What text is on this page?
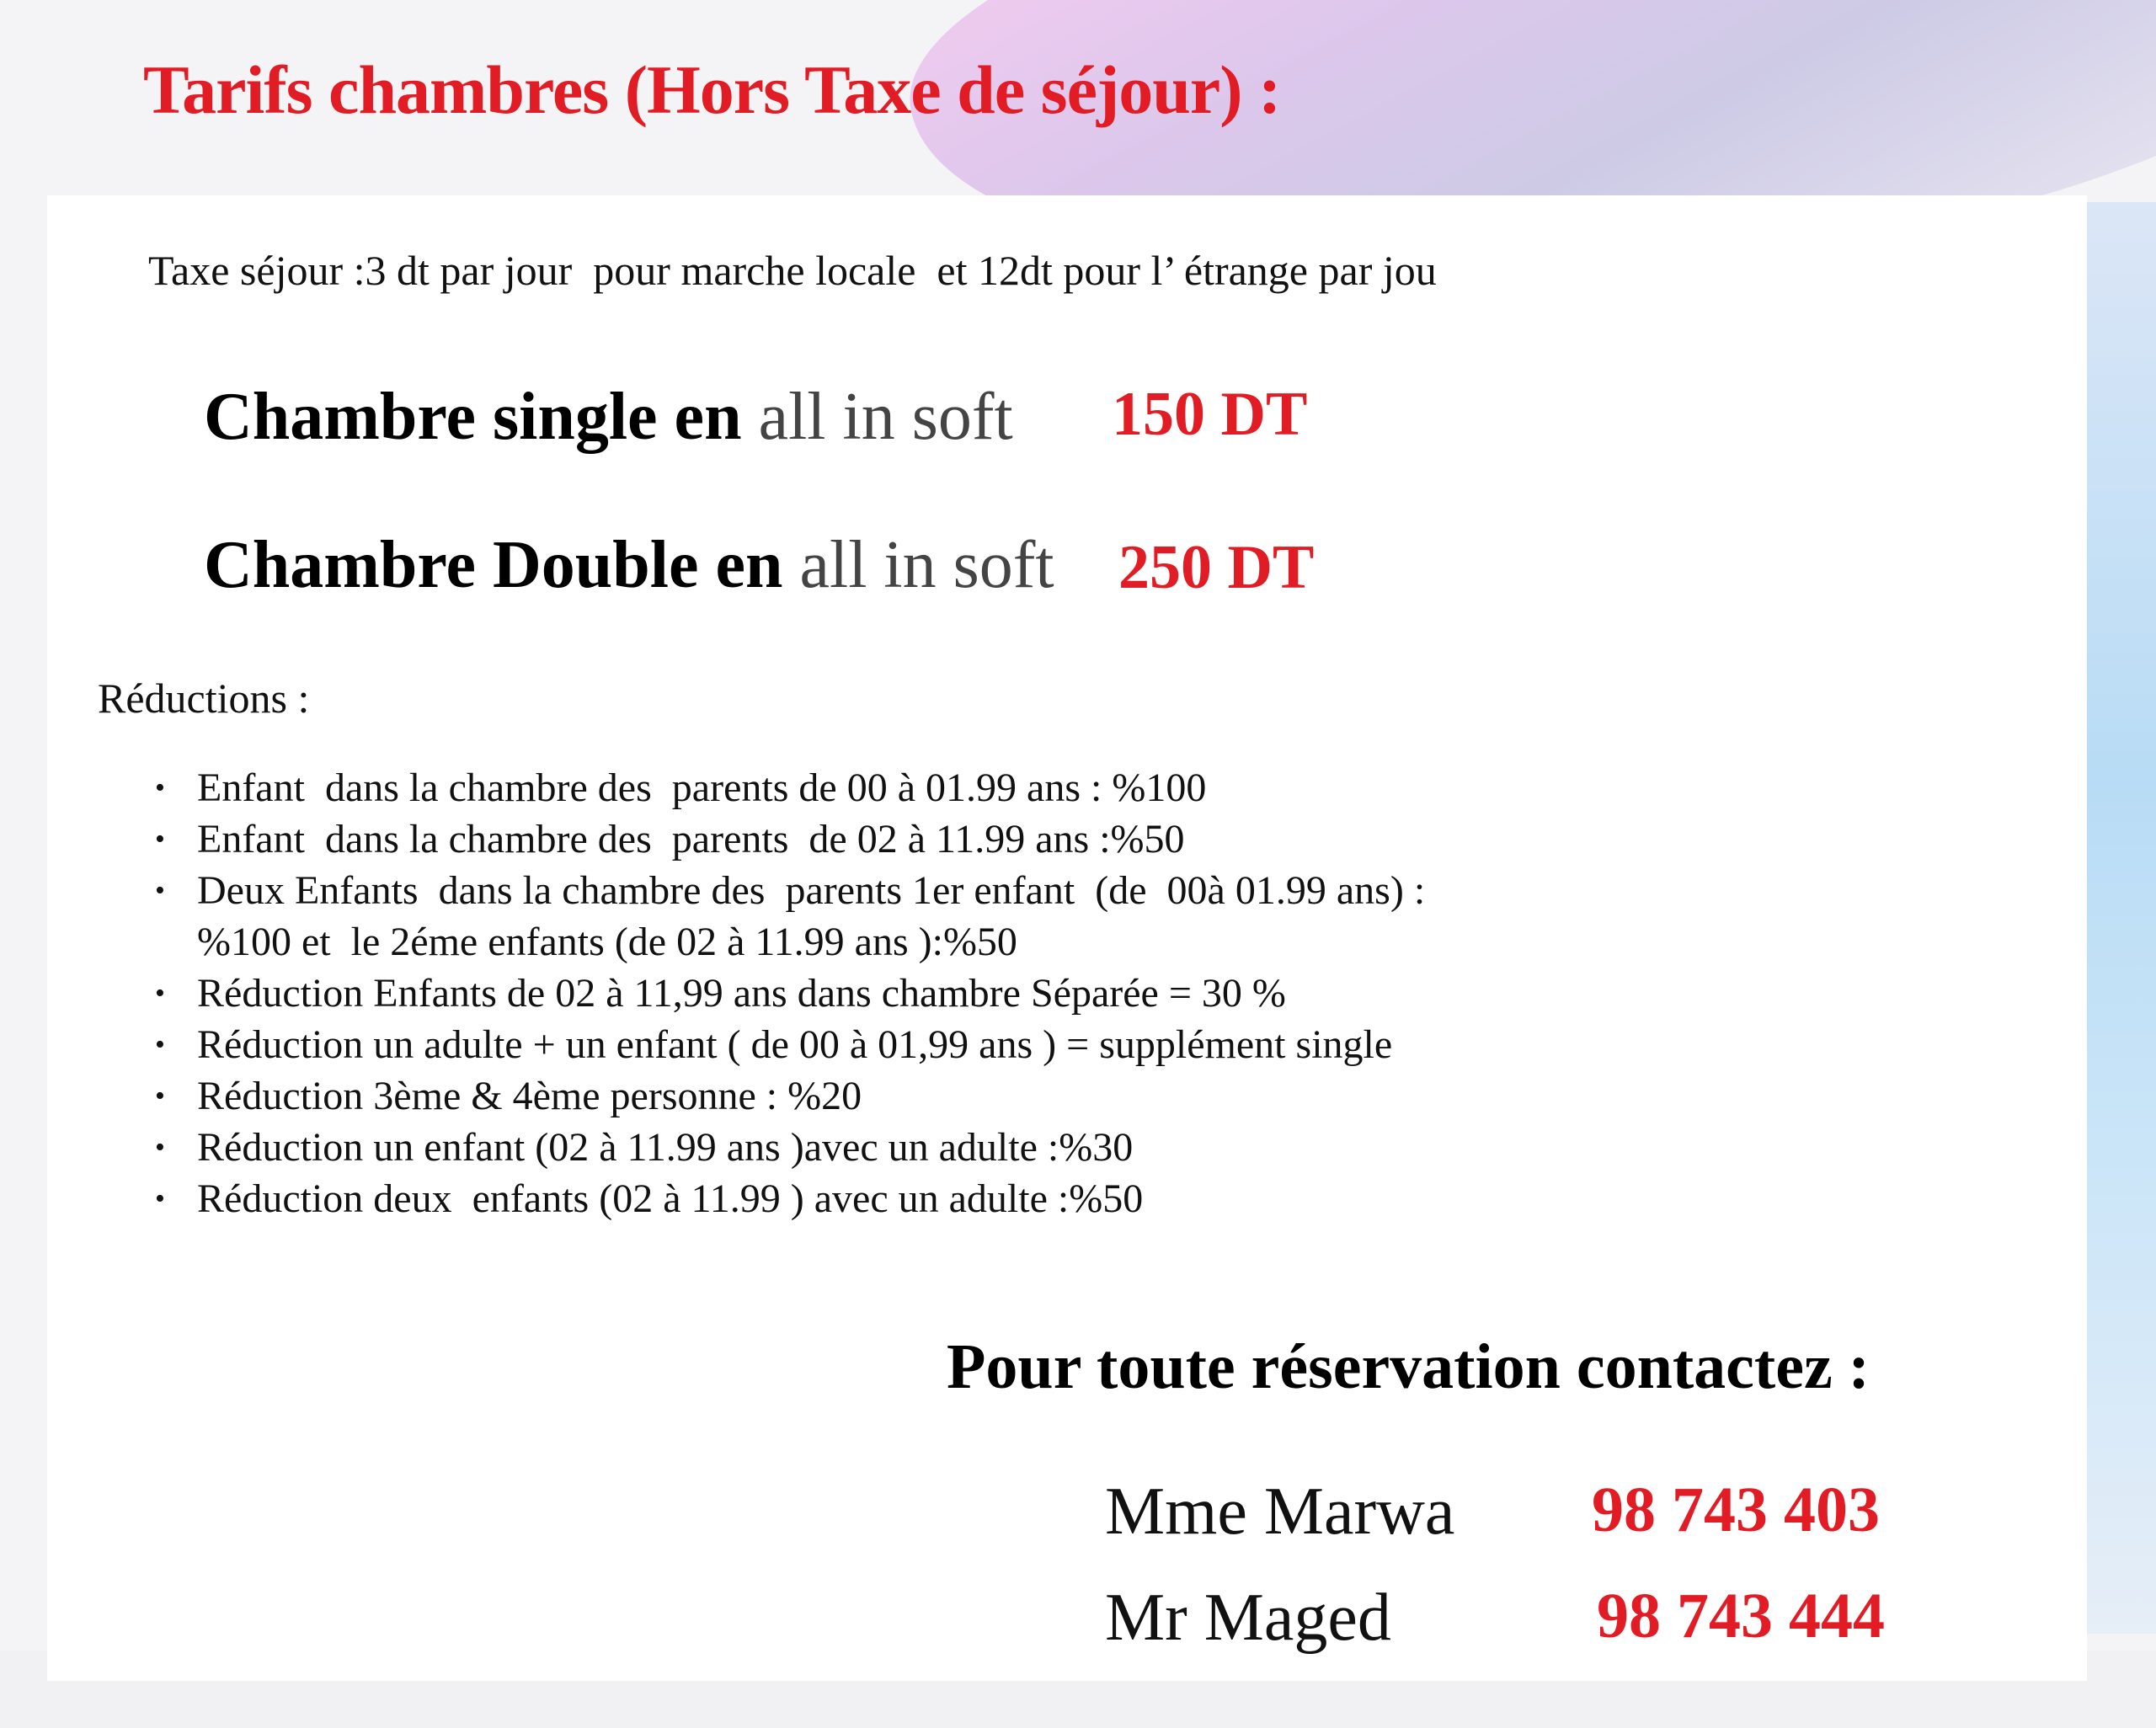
Tarifs chambres (Hors Taxe de séjour) :
Taxe séjour :3 dt par jour  pour marche locale  et 12dt pour l’ étrange par jou
Chambre single en all in soft 150 DT
Chambre Double en all in soft 250 DT
Réductions :
• Enfant  dans la chambre des  parents de 00 à 01.99 ans : %100
• Enfant  dans la chambre des  parents  de 02 à 11.99 ans :%50
• Deux Enfants  dans la chambre des  parents 1er enfant  (de  00à 01.99 ans) :
%100 et  le 2éme enfants (de 02 à 11.99 ans ):%50
• Réduction Enfants de 02 à 11,99 ans dans chambre Séparée = 30 %
• Réduction un adulte + un enfant ( de 00 à 01,99 ans ) = supplément single
• Réduction 3ème & 4ème personne : %20
• Réduction un enfant (02 à 11.99 ans )avec un adulte :%30
• Réduction deux  enfants (02 à 11.99 ) avec un adulte :%50
Pour toute réservation contactez :
Mme Marwa 98 743 403
Mr Maged	98 743 444
